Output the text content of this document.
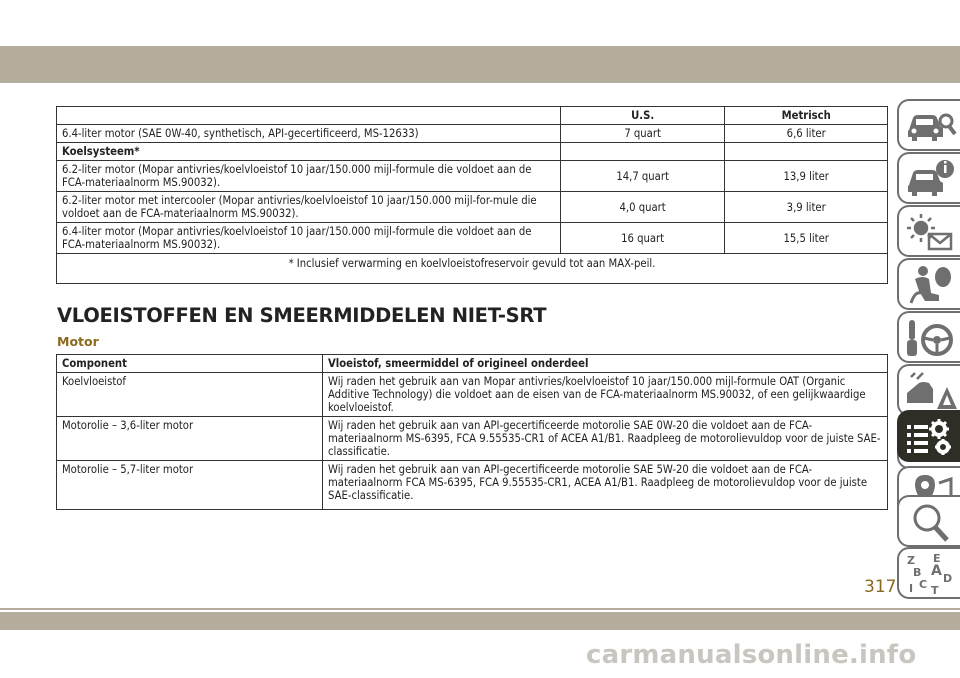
	U.S.	Metrisch
6.4-liter motor (SAE 0W-40, synthetisch, API-gecertificeerd, MS-12633)	7 quart	6,6 liter
Koelsysteem*		
6.2-liter motor (Mopar antivries/koelvloeistof 10 jaar/150.000 mijl-formule die voldoet aan de FCA-materiaalnorm MS.90032).	14,7 quart	13,9 liter
6.2-liter motor met intercooler (Mopar antivries/koelvloeistof 10 jaar/150.000 mijl-for-mule die voldoet aan de FCA-materiaalnorm MS.90032).	4,0 quart	3,9 liter
6.4-liter motor (Mopar antivries/koelvloeistof 10 jaar/150.000 mijl-formule die voldoet aan de FCA-materiaalnorm MS.90032).	16 quart	15,5 liter
* Inclusief verwarming en koelvloeistofreservoir gevuld tot aan MAX-peil.		
VLOEISTOFFEN EN SMEERMIDDELEN NIET-SRT
Motor
Component	Vloeistof, smeermiddel of origineel onderdeel
Koelvloeistof	Wij raden het gebruik aan van Mopar antivries/koelvloeistof 10 jaar/150.000 mijl-formule OAT (Organic Additive Technology) die voldoet aan de eisen van de FCA-materiaalnorm MS.90032, of een gelijkwaardige koelvloeistof.
Motorolie – 3,6-liter motor	Wij raden het gebruik aan van API-gecertificeerde motorolie SAE 0W-20 die voldoet aan de FCA-materiaalnorm MS-6395, FCA 9.55535-CR1 of ACEA A1/B1. Raadpleeg de motorolievuldop voor de juiste SAE-classificatie.
Motorolie – 5,7-liter motor	Wij raden het gebruik aan van API-gecertificeerde motorolie SAE 5W-20 die voldoet aan de FCA-materiaalnorm FCA MS-6395, FCA 9.55535-CR1, ACEA A1/B1. Raadpleeg de motorolievuldop voor de juiste SAE-classificatie.
Z E
B A D
C
I T
317
carmanualsonline.info
